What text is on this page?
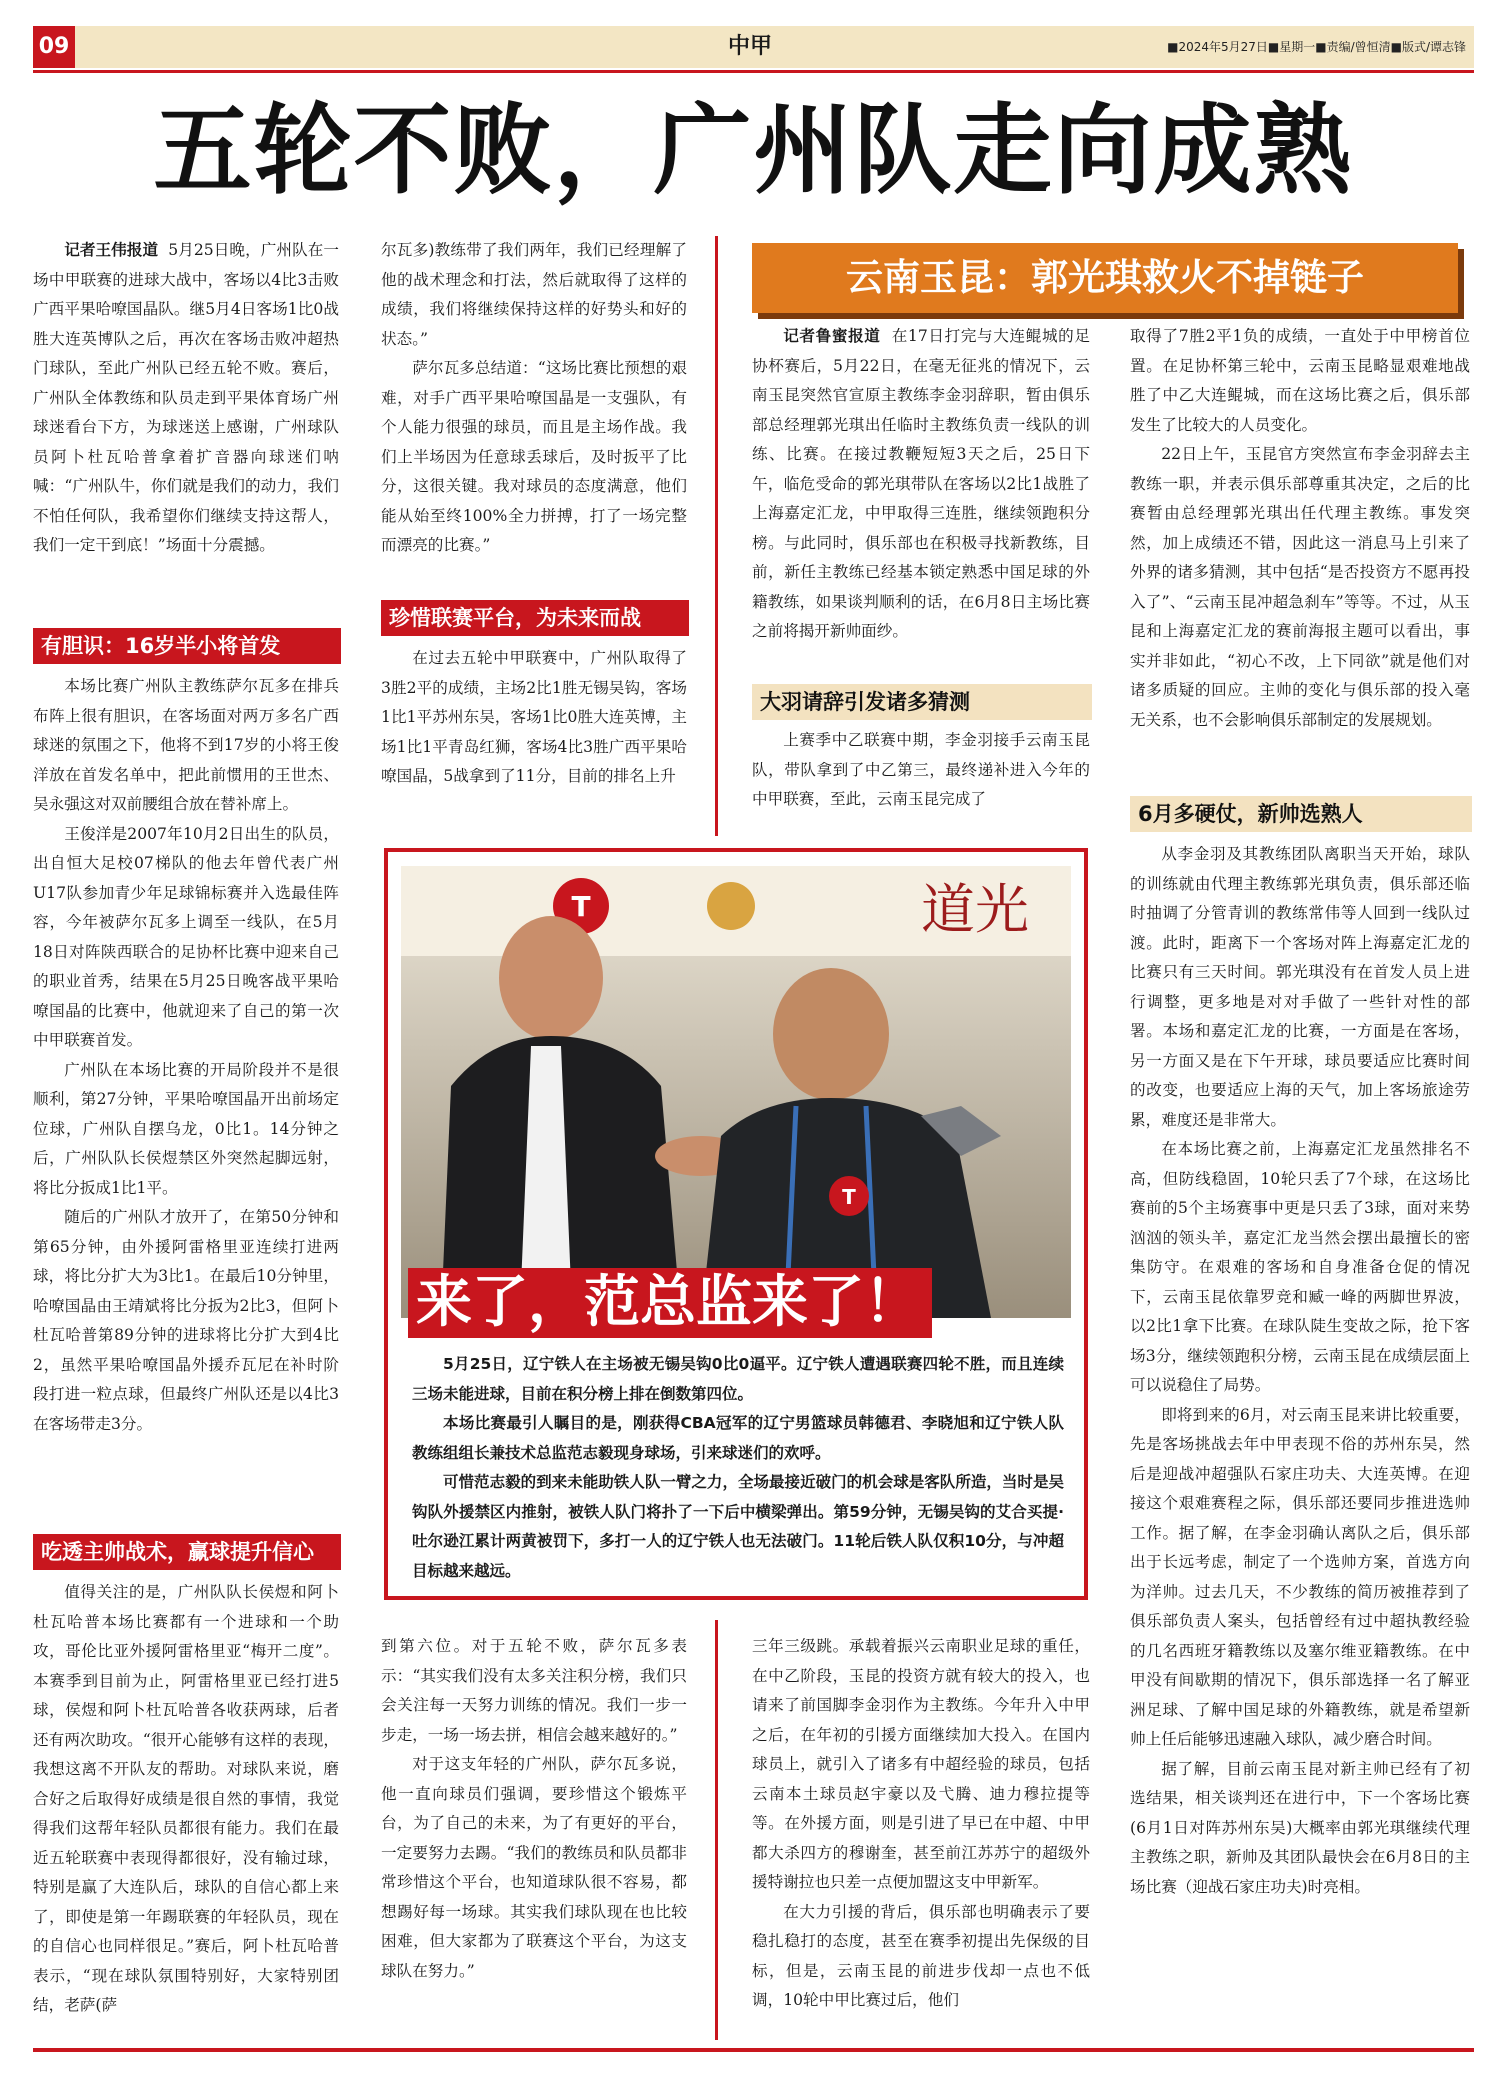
09	中甲	■2024年5月27日■星期一■责编/曾恒清■版式/谭志锋
五轮不败，广州队走向成熟

记者王伟报道 5月25日晚，广州队在一场中甲联赛的进球大战中，客场以4比3击败广西平果哈嘹国晶队。继5月4日客场1比0战胜大连英博队之后，再次在客场击败冲超热门球队，至此广州队已经五轮不败。赛后，广州队全体教练和队员走到平果体育场广州球迷看台下方，为球迷送上感谢，广州球队员阿卜杜瓦哈普拿着扩音器向球迷们呐喊：“广州队牛，你们就是我们的动力，我们不怕任何队，我希望你们继续支持这帮人，我们一定干到底！”场面十分震撼。

有胆识：16岁半小将首发

本场比赛广州队主教练萨尔瓦多在排兵布阵上很有胆识，在客场面对两万多名广西球迷的氛围之下，他将不到17岁的小将王俊洋放在首发名单中，把此前惯用的王世杰、吴永强这对双前腰组合放在替补席上。

王俊洋是2007年10月2日出生的队员，出自恒大足校07梯队的他去年曾代表广州U17队参加青少年足球锦标赛并入选最佳阵容，今年被萨尔瓦多上调至一线队，在5月18日对阵陕西联合的足协杯比赛中迎来自己的职业首秀，结果在5月25日晚客战平果哈嘹国晶的比赛中，他就迎来了自己的第一次中甲联赛首发。

广州队在本场比赛的开局阶段并不是很顺利，第27分钟，平果哈嘹国晶开出前场定位球，广州队自摆乌龙，0比1。14分钟之后，广州队队长侯煜禁区外突然起脚远射，将比分扳成1比1平。

随后的广州队才放开了，在第50分钟和第65分钟，由外援阿雷格里亚连续打进两球，将比分扩大为3比1。在最后10分钟里，哈嘹国晶由王靖斌将比分扳为2比3，但阿卜杜瓦哈普第89分钟的进球将比分扩大到4比2，虽然平果哈嘹国晶外援乔瓦尼在补时阶段打进一粒点球，但最终广州队还是以4比3在客场带走3分。

吃透主帅战术，赢球提升信心

值得关注的是，广州队队长侯煜和阿卜杜瓦哈普本场比赛都有一个进球和一个助攻，哥伦比亚外援阿雷格里亚“梅开二度”。本赛季到目前为止，阿雷格里亚已经打进5球，侯煜和阿卜杜瓦哈普各收获两球，后者还有两次助攻。“很开心能够有这样的表现，我想这离不开队友的帮助。对球队来说，磨合好之后取得好成绩是很自然的事情，我觉得我们这帮年轻队员都很有能力。我们在最近五轮联赛中表现得都很好，没有输过球，特别是赢了大连队后，球队的自信心都上来了，即使是第一年踢联赛的年轻队员，现在的自信心也同样很足。”赛后，阿卜杜瓦哈普表示，“现在球队氛围特别好，大家特别团结，老萨(萨

尔瓦多)教练带了我们两年，我们已经理解了他的战术理念和打法，然后就取得了这样的成绩，我们将继续保持这样的好势头和好的状态。”

萨尔瓦多总结道：“这场比赛比预想的艰难，对手广西平果哈嘹国晶是一支强队，有个人能力很强的球员，而且是主场作战。我们上半场因为任意球丢球后，及时扳平了比分，这很关键。我对球员的态度满意，他们能从始至终100%全力拼搏，打了一场完整而漂亮的比赛。”

珍惜联赛平台，为未来而战

在过去五轮中甲联赛中，广州队取得了3胜2平的成绩，主场2比1胜无锡吴钩，客场1比1平苏州东吴，客场1比0胜大连英博，主场1比1平青岛红狮，客场4比3胜广西平果哈嘹国晶，5战拿到了11分，目前的排名上升

到第六位。对于五轮不败，萨尔瓦多表示：“其实我们没有太多关注积分榜，我们只会关注每一天努力训练的情况。我们一步一步走，一场一场去拼，相信会越来越好的。”

对于这支年轻的广州队，萨尔瓦多说，他一直向球员们强调，要珍惜这个锻炼平台，为了自己的未来，为了有更好的平台，一定要努力去踢。“我们的教练员和队员都非常珍惜这个平台，也知道球队很不容易，都想踢好每一场球。其实我们球队现在也比较困难，但大家都为了联赛这个平台，为这支球队在努力。”

云南玉昆：郭光琪救火不掉链子

记者鲁蜜报道 在17日打完与大连鲲城的足协杯赛后，5月22日，在毫无征兆的情况下，云南玉昆突然官宣原主教练李金羽辞职，暂由俱乐部总经理郭光琪出任临时主教练负责一线队的训练、比赛。在接过教鞭短短3天之后，25日下午，临危受命的郭光琪带队在客场以2比1战胜了上海嘉定汇龙，中甲取得三连胜，继续领跑积分榜。与此同时，俱乐部也在积极寻找新教练，目前，新任主教练已经基本锁定熟悉中国足球的外籍教练，如果谈判顺利的话，在6月8日主场比赛之前将揭开新帅面纱。

大羽请辞引发诸多猜测

上赛季中乙联赛中期，李金羽接手云南玉昆队，带队拿到了中乙第三，最终递补进入今年的中甲联赛，至此，云南玉昆完成了

取得了7胜2平1负的成绩，一直处于中甲榜首位置。在足协杯第三轮中，云南玉昆略显艰难地战胜了中乙大连鲲城，而在这场比赛之后，俱乐部发生了比较大的人员变化。

22日上午，玉昆官方突然宣布李金羽辞去主教练一职，并表示俱乐部尊重其决定，之后的比赛暂由总经理郭光琪出任代理主教练。事发突然，加上成绩还不错，因此这一消息马上引来了外界的诸多猜测，其中包括“是否投资方不愿再投入了”、“云南玉昆冲超急刹车”等等。不过，从玉昆和上海嘉定汇龙的赛前海报主题可以看出，事实并非如此，“初心不改，上下同欲”就是他们对诸多质疑的回应。主帅的变化与俱乐部的投入毫无关系，也不会影响俱乐部制定的发展规划。

6月多硬仗，新帅选熟人

从李金羽及其教练团队离职当天开始，球队的训练就由代理主教练郭光琪负责，俱乐部还临时抽调了分管青训的教练常伟等人回到一线队过渡。此时，距离下一个客场对阵上海嘉定汇龙的比赛只有三天时间。郭光琪没有在首发人员上进行调整，更多地是对对手做了一些针对性的部署。本场和嘉定汇龙的比赛，一方面是在客场，另一方面又是在下午开球，球员要适应比赛时间的改变，也要适应上海的天气，加上客场旅途劳累，难度还是非常大。

在本场比赛之前，上海嘉定汇龙虽然排名不高，但防线稳固，10轮只丢了7个球，在这场比赛前的5个主场赛事中更是只丢了3球，面对来势汹汹的领头羊，嘉定汇龙当然会摆出最擅长的密集防守。在艰难的客场和自身准备仓促的情况下，云南玉昆依靠罗竞和臧一峰的两脚世界波，以2比1拿下比赛。在球队陡生变故之际，抢下客场3分，继续领跑积分榜，云南玉昆在成绩层面上可以说稳住了局势。

即将到来的6月，对云南玉昆来讲比较重要，先是客场挑战去年中甲表现不俗的苏州东吴，然后是迎战冲超强队石家庄功夫、大连英博。在迎接这个艰难赛程之际，俱乐部还要同步推进选帅工作。据了解，在李金羽确认离队之后，俱乐部出于长远考虑，制定了一个选帅方案，首选方向为洋帅。过去几天，不少教练的简历被推荐到了俱乐部负责人案头，包括曾经有过中超执教经验的几名西班牙籍教练以及塞尔维亚籍教练。在中甲没有间歇期的情况下，俱乐部选择一名了解亚洲足球、了解中国足球的外籍教练，就是希望新帅上任后能够迅速融入球队，减少磨合时间。

据了解，目前云南玉昆对新主帅已经有了初选结果，相关谈判还在进行中，下一个客场比赛(6月1日对阵苏州东吴)大概率由郭光琪继续代理主教练之职，新帅及其团队最快会在6月8日的主场比赛（迎战石家庄功夫)时亮相。

三年三级跳。承载着振兴云南职业足球的重任，在中乙阶段，玉昆的投资方就有较大的投入，也请来了前国脚李金羽作为主教练。今年升入中甲之后，在年初的引援方面继续加大投入。在国内球员上，就引入了诸多有中超经验的球员，包括云南本土球员赵宇豪以及弋腾、迪力穆拉提等等。在外援方面，则是引进了早已在中超、中甲都大杀四方的穆谢奎，甚至前江苏苏宁的超级外援特谢拉也只差一点便加盟这支中甲新军。

在大力引援的背后，俱乐部也明确表示了要稳扎稳打的态度，甚至在赛季初提出先保级的目标，但是，云南玉昆的前进步伐却一点也不低调，10轮中甲比赛过后，他们

T	道光
T
来了，范总监来了！

5月25日，辽宁铁人在主场被无锡吴钩0比0逼平。辽宁铁人遭遇联赛四轮不胜，而且连续三场未能进球，目前在积分榜上排在倒数第四位。

本场比赛最引人瞩目的是，刚获得CBA冠军的辽宁男篮球员韩德君、李晓旭和辽宁铁人队教练组组长兼技术总监范志毅现身球场，引来球迷们的欢呼。

可惜范志毅的到来未能助铁人队一臂之力，全场最接近破门的机会球是客队所造，当时是吴钩队外援禁区内推射，被铁人队门将扑了一下后中横梁弹出。第59分钟，无锡吴钩的艾合买提·吐尔逊江累计两黄被罚下，多打一人的辽宁铁人也无法破门。11轮后铁人队仅积10分，与冲超目标越来越远。
